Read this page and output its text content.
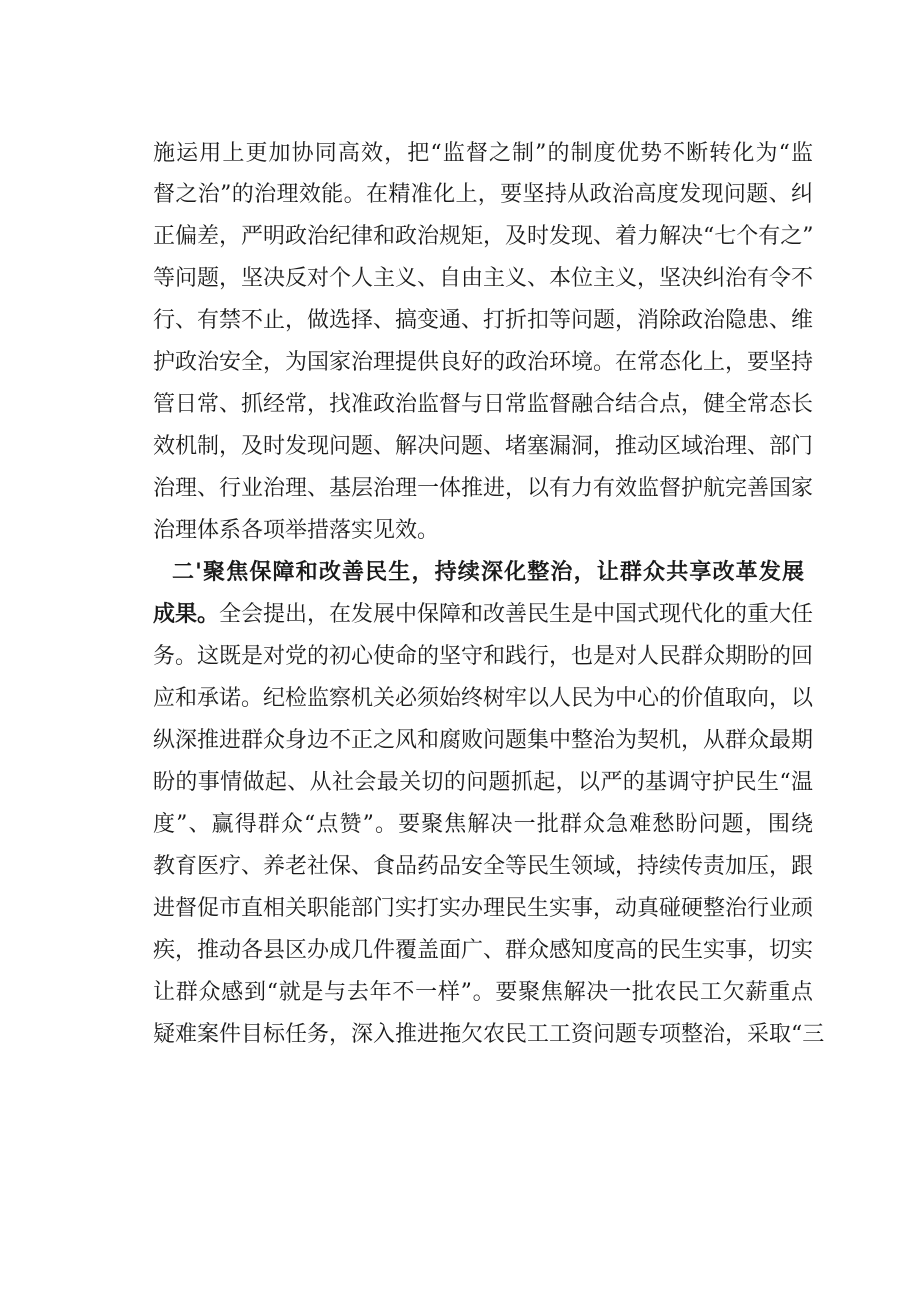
施运用上更加协同高效，把“监督之制”的制度优势不断转化为“监
督之治”的治理效能。在精准化上，要坚持从政治高度发现问题、纠
正偏差，严明政治纪律和政治规矩，及时发现、着力解决“七个有之”
等问题，坚决反对个人主义、自由主义、本位主义，坚决纠治有令不
行、有禁不止，做选择、搞变通、打折扣等问题，消除政治隐患、维
护政治安全，为国家治理提供良好的政治环境。在常态化上，要坚持
管日常、抓经常，找准政治监督与日常监督融合结合点，健全常态长
效机制，及时发现问题、解决问题、堵塞漏洞，推动区域治理、部门
治理、行业治理、基层治理一体推进，以有力有效监督护航完善国家
治理体系各项举措落实见效。
二'聚焦保障和改善民生，持续深化整治，让群众共享改革发展
成果。全会提出，在发展中保障和改善民生是中国式现代化的重大任
务。这既是对党的初心使命的坚守和践行，也是对人民群众期盼的回
应和承诺。纪检监察机关必须始终树牢以人民为中心的价值取向，以
纵深推进群众身边不正之风和腐败问题集中整治为契机，从群众最期
盼的事情做起、从社会最关切的问题抓起，以严的基调守护民生“温
度”、赢得群众“点赞”。要聚焦解决一批群众急难愁盼问题，围绕
教育医疗、养老社保、食品药品安全等民生领域，持续传责加压，跟
进督促市直相关职能部门实打实办理民生实事，动真碰硬整治行业顽
疾，推动各县区办成几件覆盖面广、群众感知度高的民生实事，切实
让群众感到“就是与去年不一样”。要聚焦解决一批农民工欠薪重点
疑难案件目标任务，深入推进拖欠农民工工资问题专项整治，采取“三
